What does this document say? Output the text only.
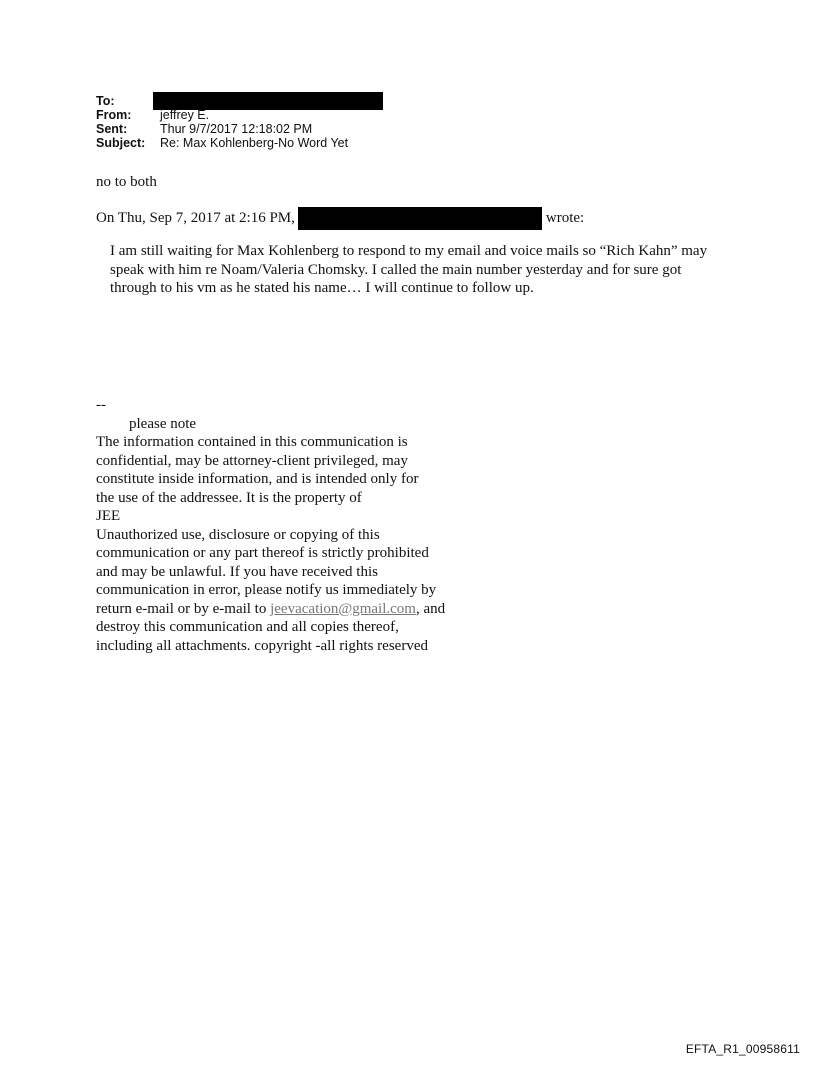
To:
From:	jeffrey E.
Sent:	Thur 9/7/2017 12:18:02 PM
Subject:	Re: Max Kohlenberg-No Word Yet

no to both

On Thu, Sep 7, 2017 at 2:16 PM,	wrote:

I am still waiting for Max Kohlenberg to respond to my email and voice mails so “Rich Kahn” may speak with him re Noam/Valeria Chomsky. I called the main number yesterday and for sure got through to his vm as he stated his name… I will continue to follow up.

--

please note

The information contained in this communication is

confidential, may be attorney-client privileged, may

constitute inside information, and is intended only for

the use of the addressee. It is the property of

JEE

Unauthorized use, disclosure or copying of this

communication or any part thereof is strictly prohibited

and may be unlawful. If you have received this

communication in error, please notify us immediately by

return e-mail or by e-mail to jeevacation@gmail.com, and

destroy this communication and all copies thereof,

including all attachments. copyright -all rights reserved

EFTA_R1_00958611
